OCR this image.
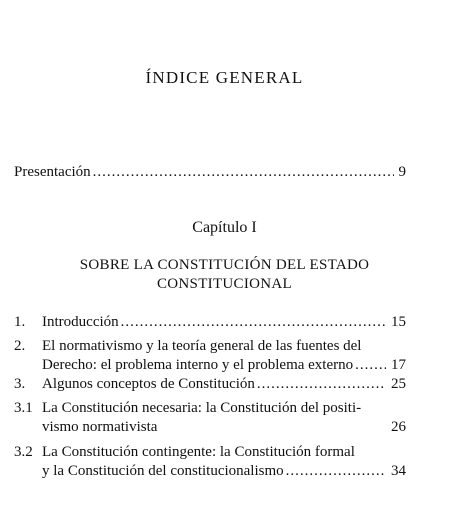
ÍNDICE GENERAL
Presentación .....	9
Capítulo I
SOBRE LA CONSTITUCIÓN DEL ESTADO
CONSTITUCIONAL
1. Introducción .....	15
2. El normativismo y la teoría general de las fuentes del
Derecho: el problema interno y el problema externo .....	17
3. Algunos conceptos de Constitución .....	25
3.1 La Constitución necesaria: la Constitución del positi-
vismo normativista	26
3.2 La Constitución contingente: la Constitución formal
y la Constitución del constitucionalismo .....	34
